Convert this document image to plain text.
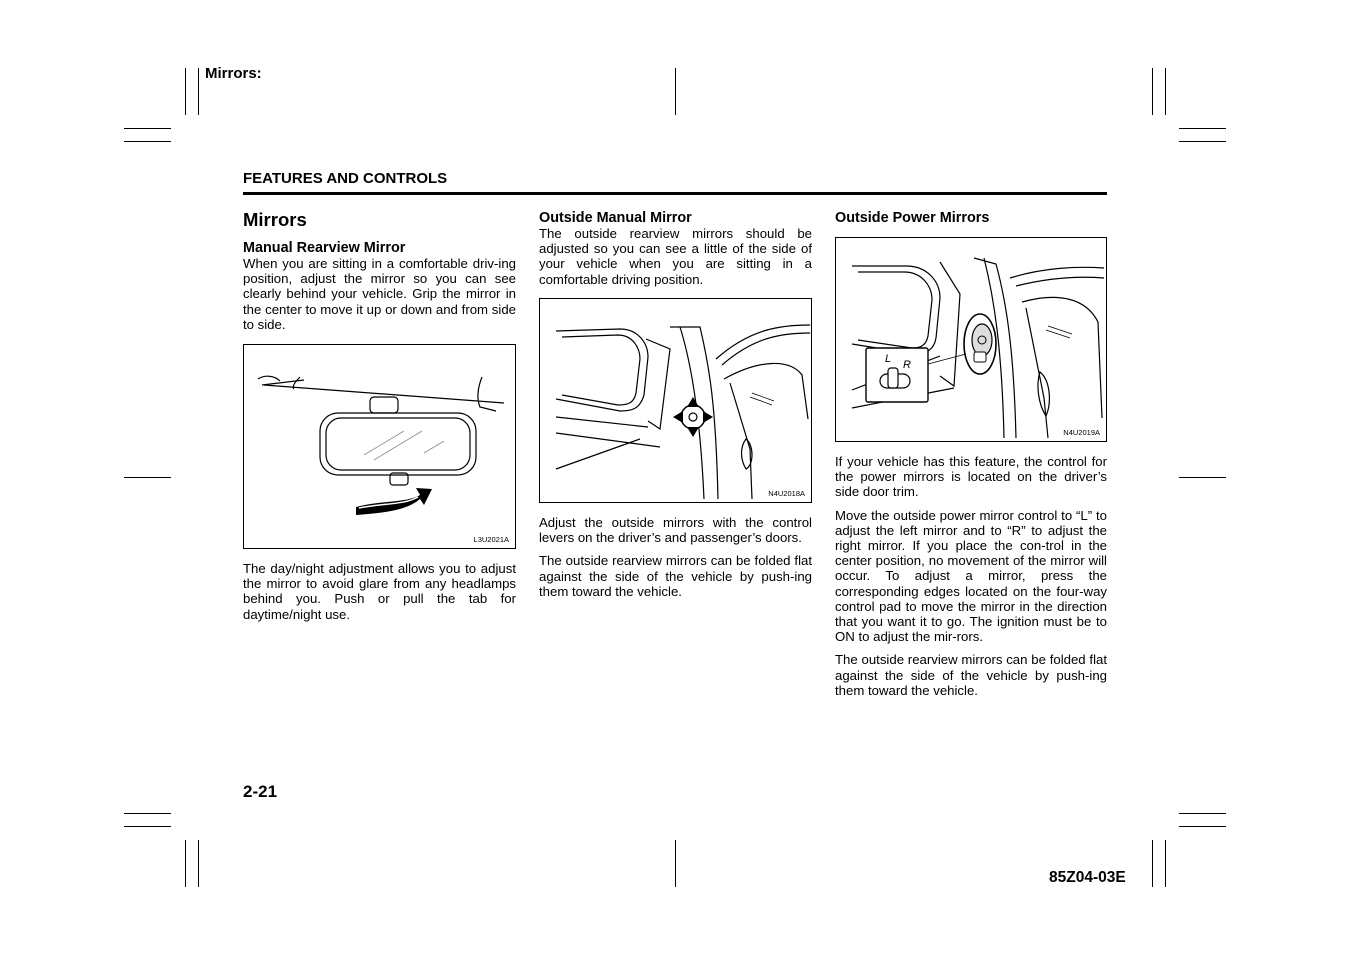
Mirrors:
FEATURES AND CONTROLS
Mirrors
Manual Rearview Mirror

When you are sitting in a comfortable driv-ing position, adjust the mirror so you can see clearly behind your vehicle. Grip the mirror in the center to move it up or down and from side to side.

L3U2021A

The day/night adjustment allows you to adjust the mirror to avoid glare from any headlamps behind you. Push or pull the tab for daytime/night use.

Outside Manual Mirror

The outside rearview mirrors should be adjusted so you can see a little of the side of your vehicle when you are sitting in a comfortable driving position.

N4U2018A

Adjust the outside mirrors with the control levers on the driver’s and passenger’s doors.

The outside rearview mirrors can be folded flat against the side of the vehicle by push-ing them toward the vehicle.

Outside Power Mirrors
L R
N4U2019A

If your vehicle has this feature, the control for the power mirrors is located on the driver’s side door trim.

Move the outside power mirror control to “L” to adjust the left mirror and to “R” to adjust the right mirror. If you place the con-trol in the center position, no movement of the mirror will occur. To adjust a mirror, press the corresponding edges located on the four-way control pad to move the mirror in the direction that you want it to go. The ignition must be to ON to adjust the mir-rors.

The outside rearview mirrors can be folded flat against the side of the vehicle by push-ing them toward the vehicle.

2-21
85Z04-03E
